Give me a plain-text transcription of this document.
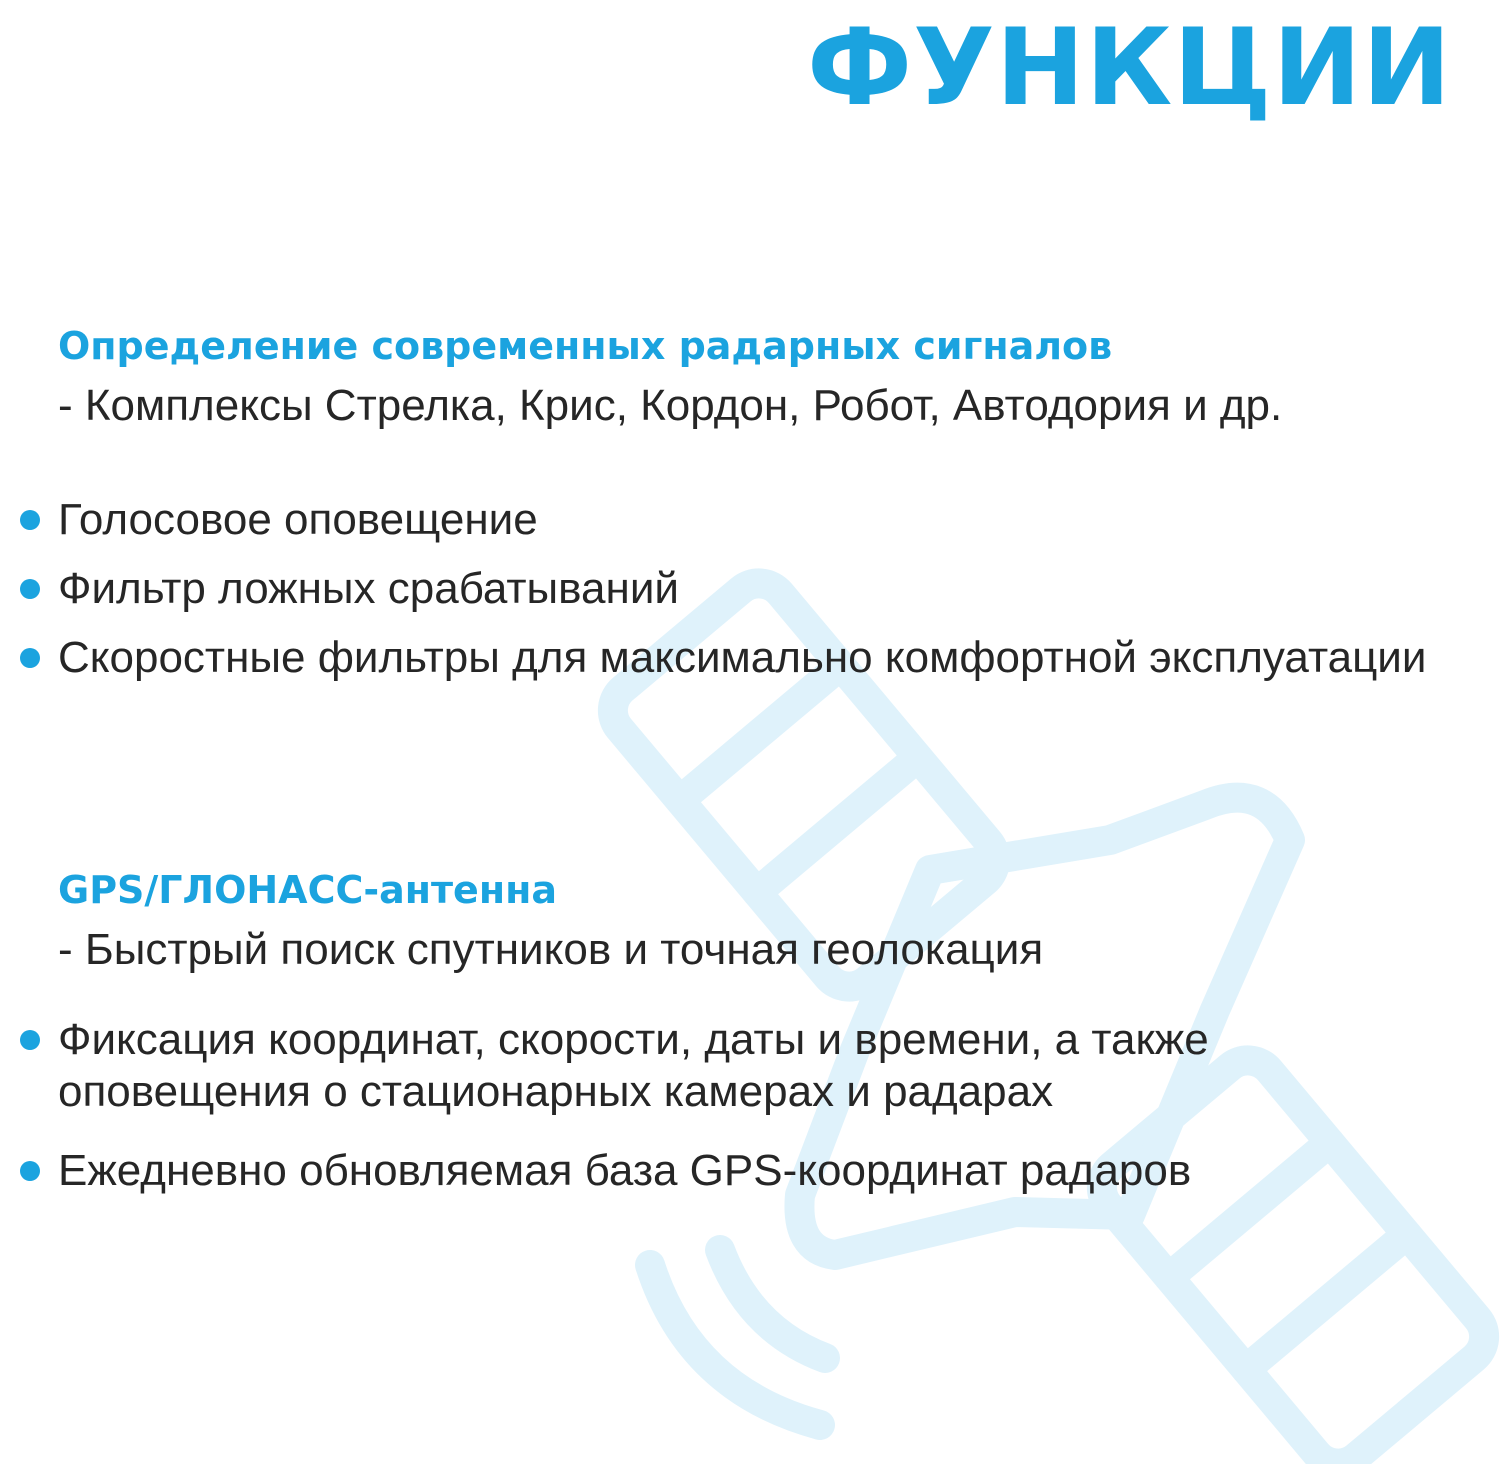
ФУНКЦИИ
Определение современных радарных сигналов

- Комплексы Стрелка, Крис, Кордон, Робот, Автодория и др.

Голосовое оповещение
Фильтр ложных срабатываний
Скоростные фильтры для максимально комфортной эксплуатации
GPS/ГЛОНАСС-антенна

- Быстрый поиск спутников и точная геолокация

Фиксация координат, скорости, даты и времени, а также оповещения о стационарных камерах и радарах
Ежедневно обновляемая база GPS-координат радаров
